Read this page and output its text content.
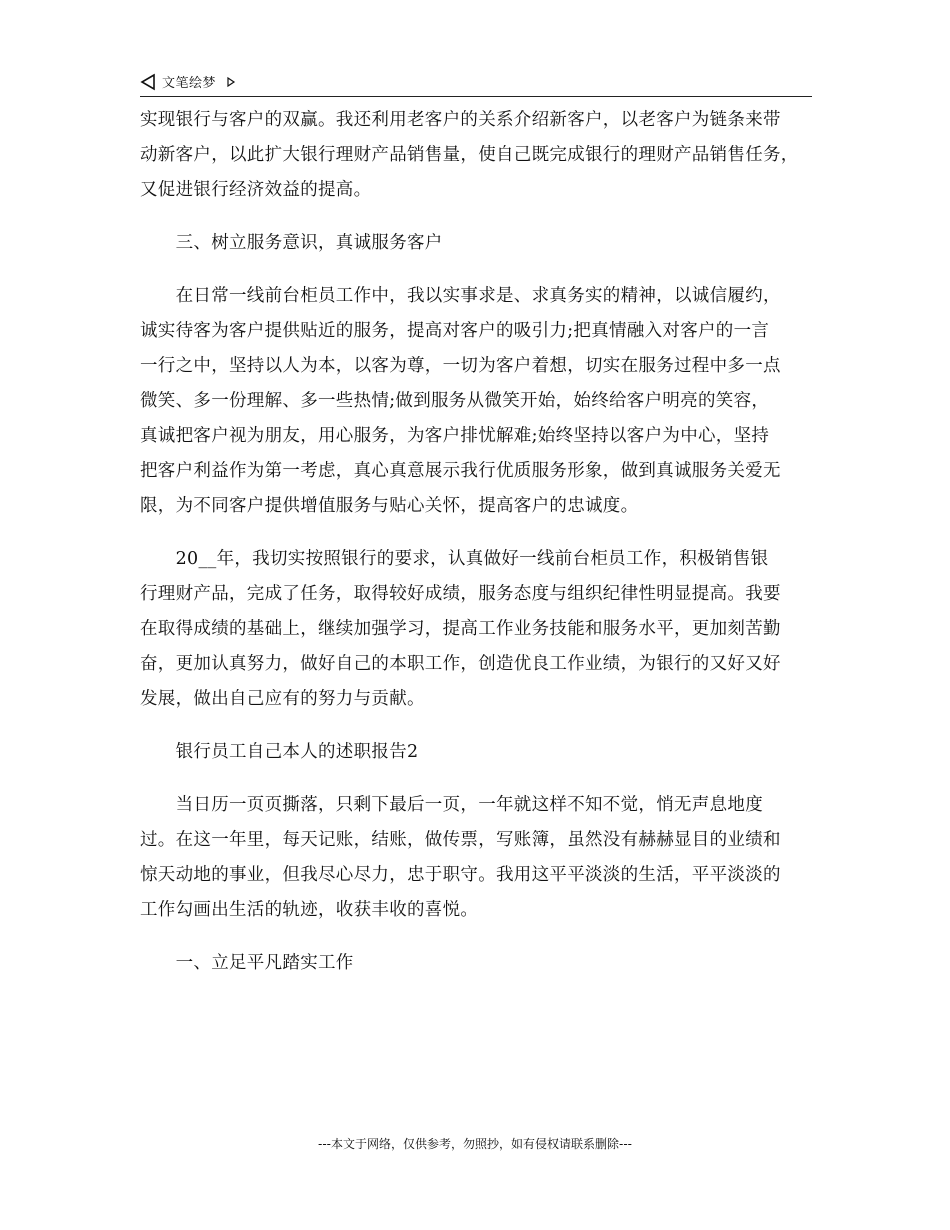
文笔绘梦
实现银行与客户的双赢。我还利用老客户的关系介绍新客户，以老客户为链条来带
动新客户，以此扩大银行理财产品销售量，使自己既完成银行的理财产品销售任务，
又促进银行经济效益的提高。
　　三、树立服务意识，真诚服务客户
　　在日常一线前台柜员工作中，我以实事求是、求真务实的精神，以诚信履约，
诚实待客为客户提供贴近的服务，提高对客户的吸引力;把真情融入对客户的一言
一行之中，坚持以人为本，以客为尊，一切为客户着想，切实在服务过程中多一点
微笑、多一份理解、多一些热情;做到服务从微笑开始，始终给客户明亮的笑容，
真诚把客户视为朋友，用心服务，为客户排忧解难;始终坚持以客户为中心，坚持
把客户利益作为第一考虑，真心真意展示我行优质服务形象，做到真诚服务关爱无
限，为不同客户提供增值服务与贴心关怀，提高客户的忠诚度。
　　20__年，我切实按照银行的要求，认真做好一线前台柜员工作，积极销售银
行理财产品，完成了任务，取得较好成绩，服务态度与组织纪律性明显提高。我要
在取得成绩的基础上，继续加强学习，提高工作业务技能和服务水平，更加刻苦勤
奋，更加认真努力，做好自己的本职工作，创造优良工作业绩，为银行的又好又好
发展，做出自己应有的努力与贡献。
　　银行员工自己本人的述职报告2
　　当日历一页页撕落，只剩下最后一页，一年就这样不知不觉，悄无声息地度
过。在这一年里，每天记账，结账，做传票，写账簿，虽然没有赫赫显目的业绩和
惊天动地的事业，但我尽心尽力，忠于职守。我用这平平淡淡的生活，平平淡淡的
工作勾画出生活的轨迹，收获丰收的喜悦。
　　一、立足平凡踏实工作
---本文于网络，仅供参考，勿照抄，如有侵权请联系删除---
